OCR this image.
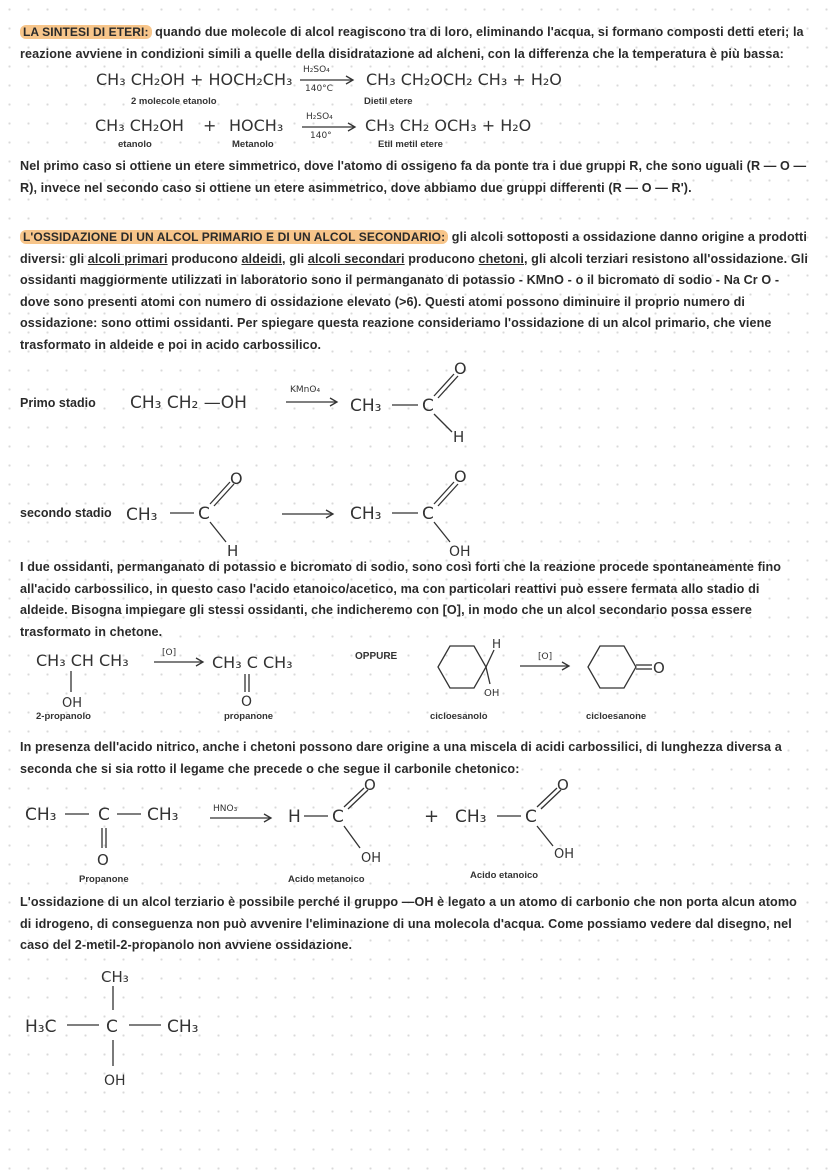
LA SINTESI DI ETERI: quando due molecole di alcol reagiscono tra di loro, eliminando l'acqua, si formano composti detti eteri; la reazione avviene in condizioni simili a quelle della disidratazione ad alcheni, con la differenza che la temperatura è più bassa:
CH₃ CH₂OH + HOCH₂CH₃ H₂SO₄
140°C CH₃ CH₂OCH₂ CH₃ + H₂O
2 molecole etanolo	Dietil etere
CH₃ CH₂OH + HOCH₃	H₂SO₄
140°
CH₃ CH₂ OCH₃ + H₂O
etanolo	Metanolo	Etil metil etere
Nel primo caso si ottiene un etere simmetrico, dove l'atomo di ossigeno fa da ponte tra i due gruppi R, che sono uguali (R — O — R), invece nel secondo caso si ottiene un etere asimmetrico, dove abbiamo due gruppi differenti (R — O — R').
L'OSSIDAZIONE DI UN ALCOL PRIMARIO E DI UN ALCOL SECONDARIO: gli alcoli sottoposti a ossidazione danno origine a prodotti diversi: gli alcoli primari producono aldeidi, gli alcoli secondari producono chetoni, gli alcoli terziari resistono all'ossidazione. Gli ossidanti maggiormente utilizzati in laboratorio sono il permanganato di potassio - KMnO - o il bicromato di sodio - Na Cr O - dove sono presenti atomi con numero di ossidazione elevato (>6). Questi atomi possono diminuire il proprio numero di ossidazione: sono ottimi ossidanti. Per spiegare questa reazione consideriamo l'ossidazione di un alcol primario, che viene trasformato in aldeide e poi in acido carbossilico.
Primo stadio CH₃ CH₂ —OH
KMnO₄
CH₃ C
O
H
secondo stadio CH₃ C
O
H
CH₃ C
O
OH
I due ossidanti, permanganato di potassio e bicromato di sodio, sono così forti che la reazione procede spontaneamente fino all'acido carbossilico, in questo caso l'acido etanoico/acetico, ma con particolari reattivi può essere fermata allo stadio di aldeide. Bisogna impiegare gli stessi ossidanti, che indicheremo con [O], in modo che un alcol secondario possa essere trasformato in chetone.
CH₃ CH CH₃
OH
2-propanolo
[O] CH₃ C CH₃
O
propanone
OPPURE
H
OH
cicloesanolo
[O]
O
cicloesanone
In presenza dell'acido nitrico, anche i chetoni possono dare origine a una miscela di acidi carbossilici, di lunghezza diversa a seconda che si sia rotto il legame che precede o che segue il carbonile chetonico:
CH₃ C CH₃
O
HNO₃	H C
O
OH
+ CH₃ C
O
OH
Propanone	Acido metanoico	Acido etanoico
L'ossidazione di un alcol terziario è possibile perché il gruppo —OH è legato a un atomo di carbonio che non porta alcun atomo di idrogeno, di conseguenza non può avvenire l'eliminazione di una molecola d'acqua. Come possiamo vedere dal disegno, nel caso del 2-metil-2-propanolo non avviene ossidazione.
CH₃
H₃C	C	CH₃
OH
